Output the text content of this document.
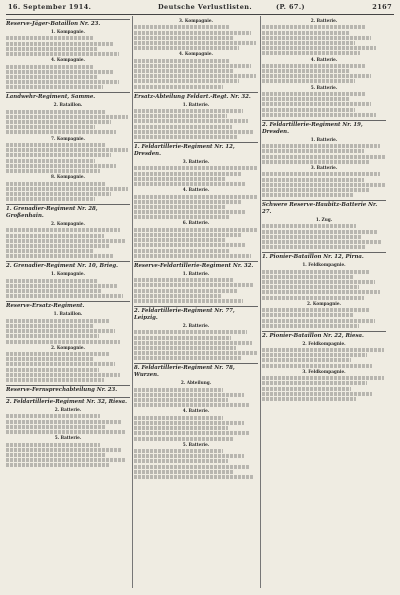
16. September 1914.	Deutsche Verlustlisten.	(P. 67.)	2167
Reserve-Jäger-Bataillon Nr. 23.
1. Kompagnie.
4. Kompagnie.
Landwehr-Regiment, Samme.
2. Bataillon.
7. Kompagnie.
8. Kompagnie.
1. Grenadier-Regiment Nr. 28, Großenhain.
2. Kompagnie.
2. Grenadier-Regiment Nr. 10, Brieg.
1. Kompagnie.
Reserve-Ersatz-Regiment.
1. Bataillon.
2. Kompagnie.
Reserve-Fernsprechabteilung Nr. 23.
2. Feldartillerie-Regiment Nr. 32, Riesa.
2. Batterie.
5. Batterie.
3. Kompagnie.
4. Kompagnie.
Ersatz-Abteilung Feldart.-Regt. Nr. 32.
1. Batterie.
1. Feldartillerie-Regiment Nr. 12, Dresden.
3. Batterie.
4. Batterie.
6. Batterie.
Reserve-Feldartillerie-Regiment Nr. 32.
1. Batterie.
2. Feldartillerie-Regiment Nr. 77, Leipzig.
2. Batterie.
8. Feldartillerie-Regiment Nr. 78, Wurzen.
2. Abteilung.
4. Batterie.
5. Batterie.
2. Batterie.
4. Batterie.
5. Batterie.
2. Feldartillerie-Regiment Nr. 19, Dresden.
1. Batterie.
3. Batterie.
Schwere Reserve-Haubitz-Batterie Nr. 27.
1. Zug.
1. Pionier-Bataillon Nr. 12, Pirna.
1. Feldkompagnie.
2. Kompagnie.
2. Pionier-Bataillon Nr. 22, Riesa.
2. Feldkompagnie.
3. Feldkompagnie.
